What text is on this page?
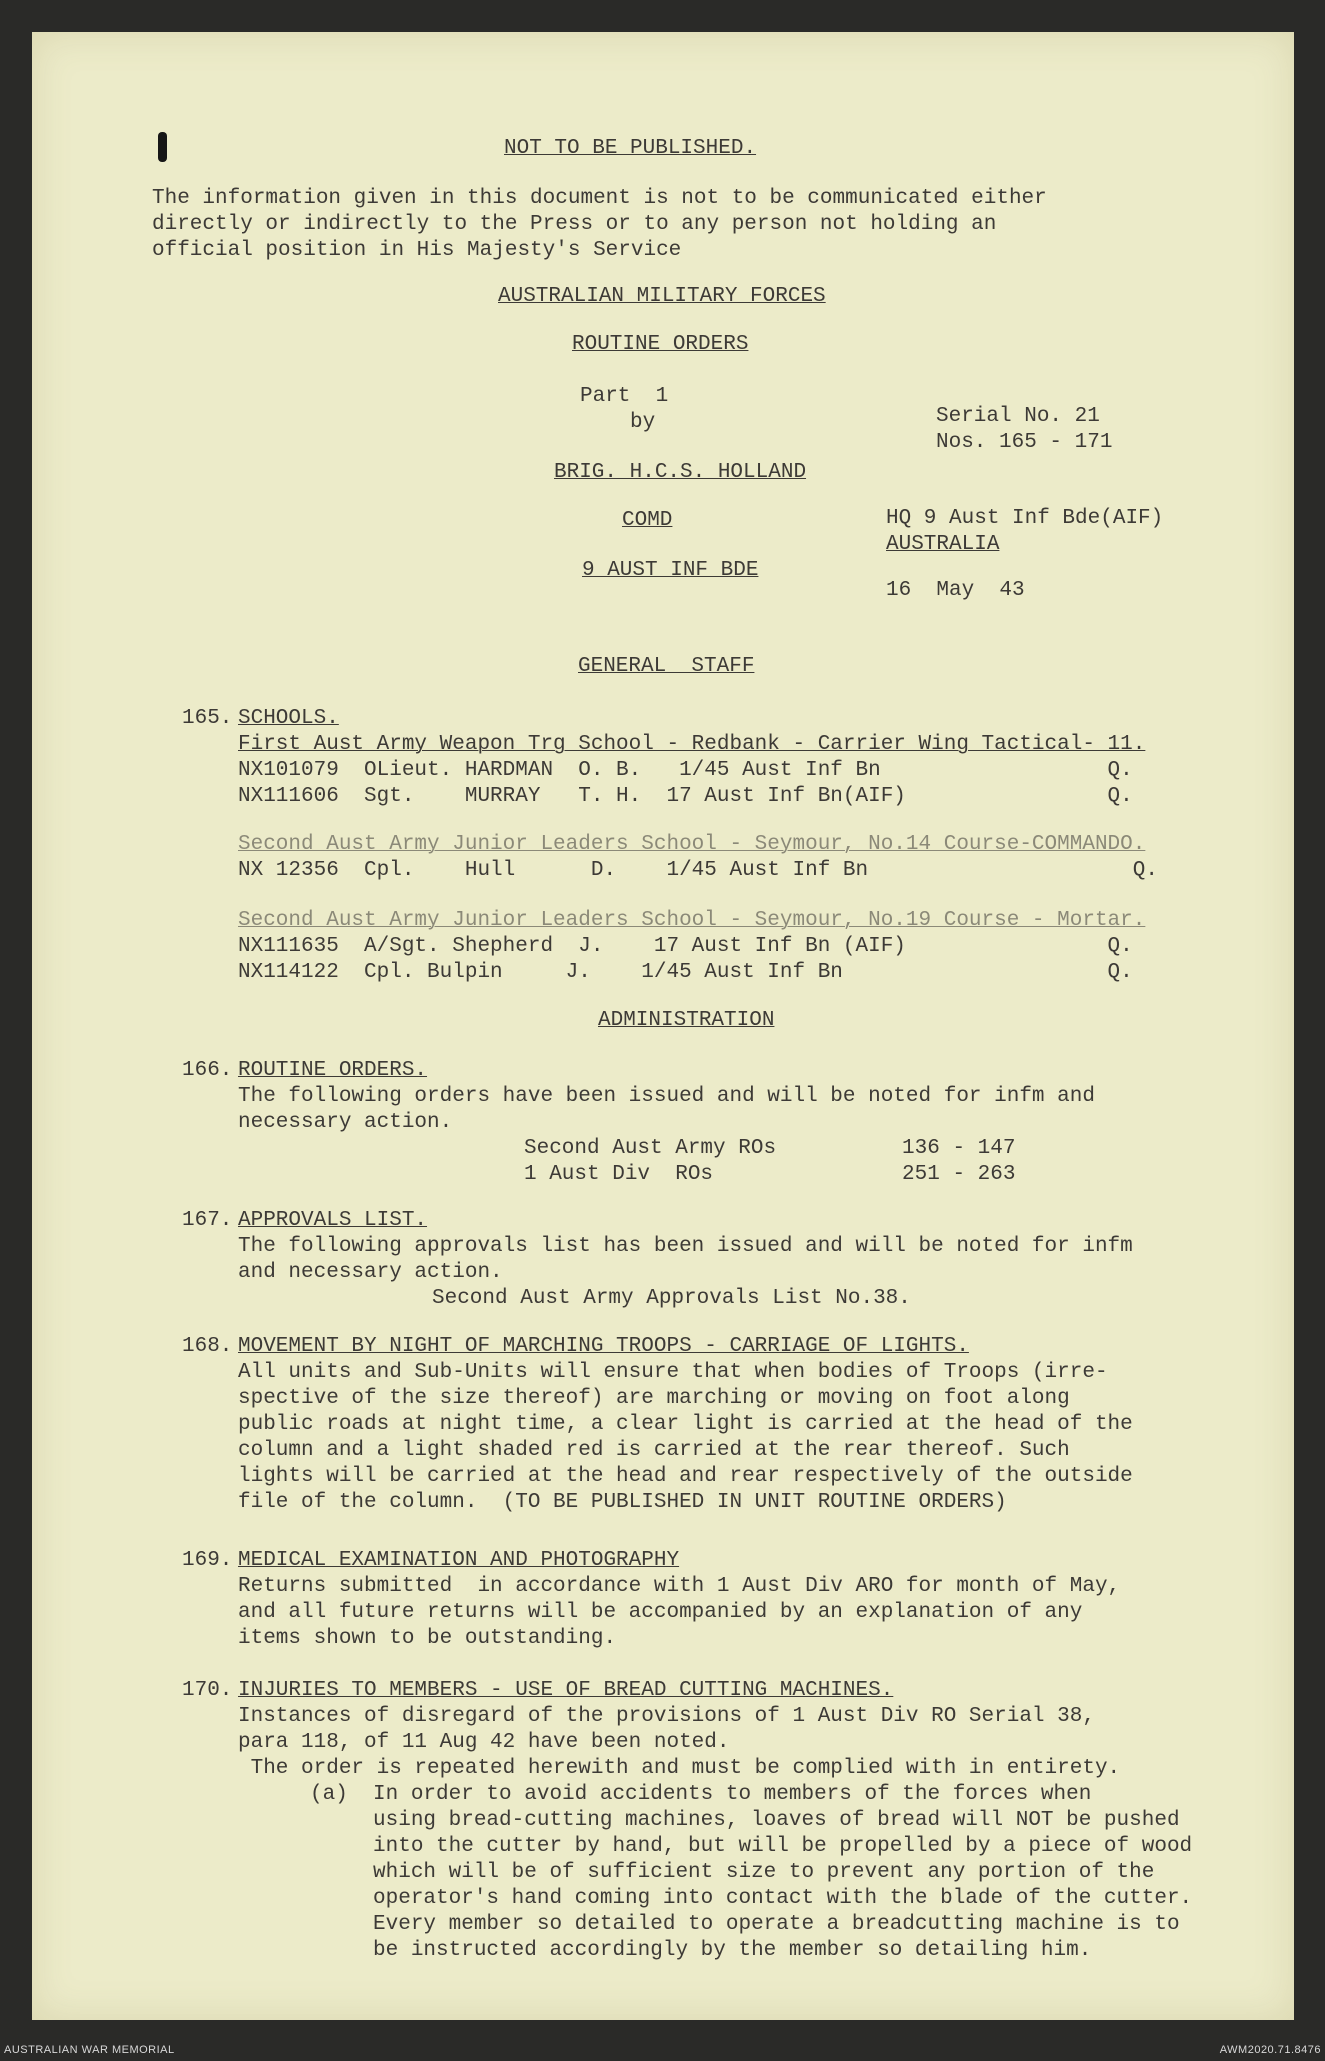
NOT TO BE PUBLISHED.
The information given in this document is not to be communicated either
directly or indirectly to the Press or to any person not holding an
official position in His Majesty's Service
AUSTRALIAN MILITARY FORCES
ROUTINE ORDERS
Part  1
by
BRIG. H.C.S. HOLLAND
COMD
9 AUST INF BDE
Serial No. 21
Nos. 165 - 171
HQ 9 Aust Inf Bde(AIF)
AUSTRALIA
16  May  43
GENERAL  STAFF
165. SCHOOLS.
First Aust Army Weapon Trg School - Redbank - Carrier Wing Tactical- 11.
NX101079  OLieut. HARDMAN  O. B.   1/45 Aust Inf Bn                  Q.
NX111606  Sgt.    MURRAY   T. H.  17 Aust Inf Bn(AIF)                Q.
Second Aust Army Junior Leaders School - Seymour, No.14 Course-COMMANDO.
NX 12356  Cpl.    Hull      D.    1/45 Aust Inf Bn                     Q.
Second Aust Army Junior Leaders School - Seymour, No.19 Course - Mortar.
NX111635  A/Sgt. Shepherd  J.    17 Aust Inf Bn (AIF)                Q.
NX114122  Cpl. Bulpin     J.    1/45 Aust Inf Bn                     Q.
ADMINISTRATION
166. ROUTINE ORDERS.
The following orders have been issued and will be noted for infm and
necessary action.
Second Aust Army ROs          136 - 147
1 Aust Div  ROs               251 - 263
167. APPROVALS LIST.
The following approvals list has been issued and will be noted for infm
and necessary action.
Second Aust Army Approvals List No.38.
168. MOVEMENT BY NIGHT OF MARCHING TROOPS - CARRIAGE OF LIGHTS.
All units and Sub-Units will ensure that when bodies of Troops (irre-
spective of the size thereof) are marching or moving on foot along
public roads at night time, a clear light is carried at the head of the
column and a light shaded red is carried at the rear thereof. Such
lights will be carried at the head and rear respectively of the outside
file of the column.  (TO BE PUBLISHED IN UNIT ROUTINE ORDERS)
169. MEDICAL EXAMINATION AND PHOTOGRAPHY
Returns submitted  in accordance with 1 Aust Div ARO for month of May,
and all future returns will be accompanied by an explanation of any
items shown to be outstanding.
170. INJURIES TO MEMBERS - USE OF BREAD CUTTING MACHINES.
Instances of disregard of the provisions of 1 Aust Div RO Serial 38,
para 118, of 11 Aug 42 have been noted.
The order is repeated herewith and must be complied with in entirety.
(a)  In order to avoid accidents to members of the forces when
using bread-cutting machines, loaves of bread will NOT be pushed
into the cutter by hand, but will be propelled by a piece of wood
which will be of sufficient size to prevent any portion of the
operator's hand coming into contact with the blade of the cutter.
Every member so detailed to operate a breadcutting machine is to
be instructed accordingly by the member so detailing him.
AUSTRALIAN WAR MEMORIAL	AWM2020.71.8476
